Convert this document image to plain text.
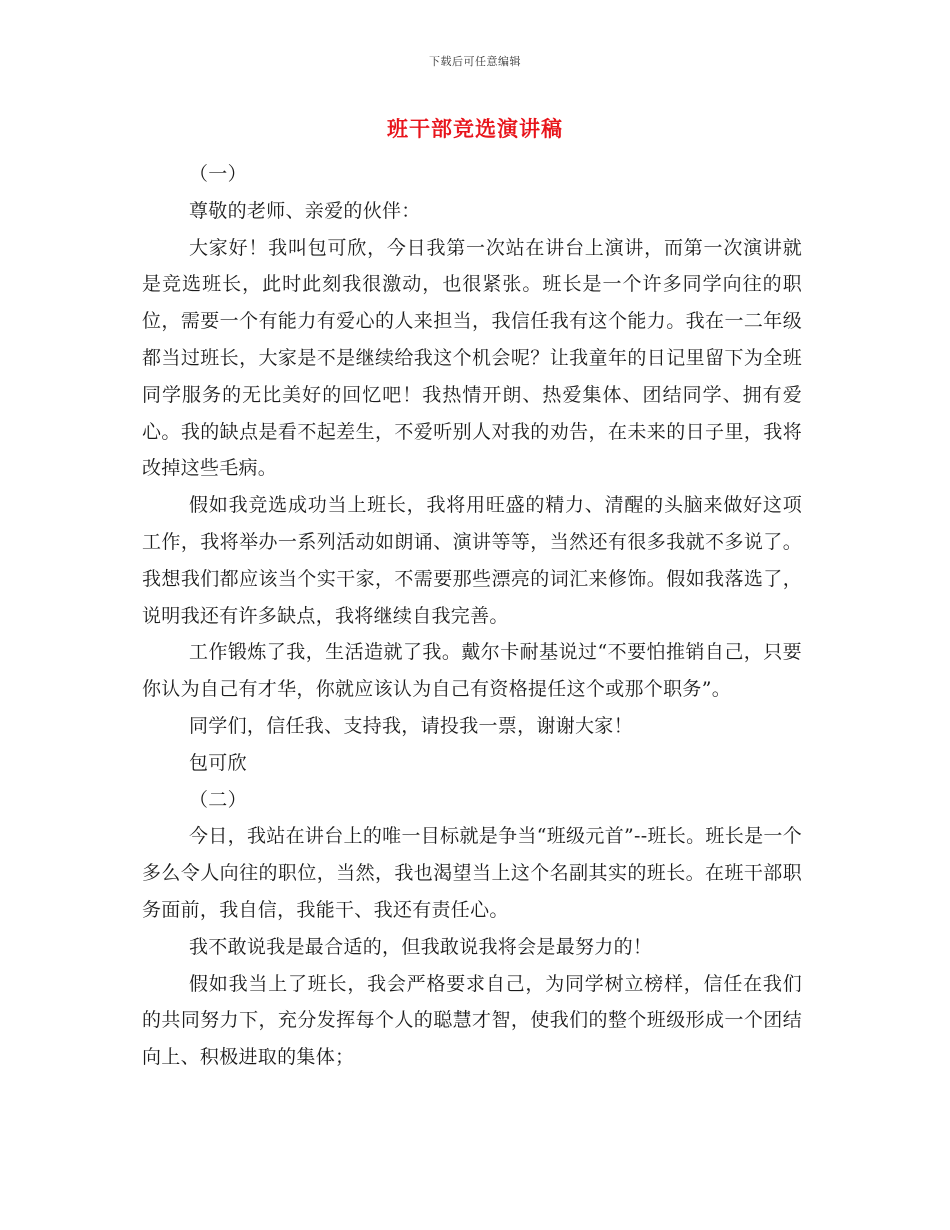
下载后可任意编辑
班干部竞选演讲稿

（一）

尊敬的老师、亲爱的伙伴：

大家好！我叫包可欣，今日我第一次站在讲台上演讲，而第一次演讲就是竞选班长，此时此刻我很激动，也很紧张。班长是一个许多同学向往的职位，需要一个有能力有爱心的人来担当，我信任我有这个能力。我在一二年级都当过班长，大家是不是继续给我这个机会呢？让我童年的日记里留下为全班同学服务的无比美好的回忆吧！我热情开朗、热爱集体、团结同学、拥有爱心。我的缺点是看不起差生，不爱听别人对我的劝告，在未来的日子里，我将改掉这些毛病。

假如我竞选成功当上班长，我将用旺盛的精力、清醒的头脑来做好这项工作，我将举办一系列活动如朗诵、演讲等等，当然还有很多我就不多说了。我想我们都应该当个实干家，不需要那些漂亮的词汇来修饰。假如我落选了，说明我还有许多缺点，我将继续自我完善。

工作锻炼了我，生活造就了我。戴尔卡耐基说过“不要怕推销自己，只要你认为自己有才华，你就应该认为自己有资格提任这个或那个职务”。

同学们，信任我、支持我，请投我一票，谢谢大家！

包可欣

（二）

今日，我站在讲台上的唯一目标就是争当“班级元首”--班长。班长是一个多么令人向往的职位，当然，我也渴望当上这个名副其实的班长。在班干部职务面前，我自信，我能干、我还有责任心。

我不敢说我是最合适的，但我敢说我将会是最努力的！

假如我当上了班长，我会严格要求自己，为同学树立榜样，信任在我们的共同努力下，充分发挥每个人的聪慧才智，使我们的整个班级形成一个团结向上、积极进取的集体；
